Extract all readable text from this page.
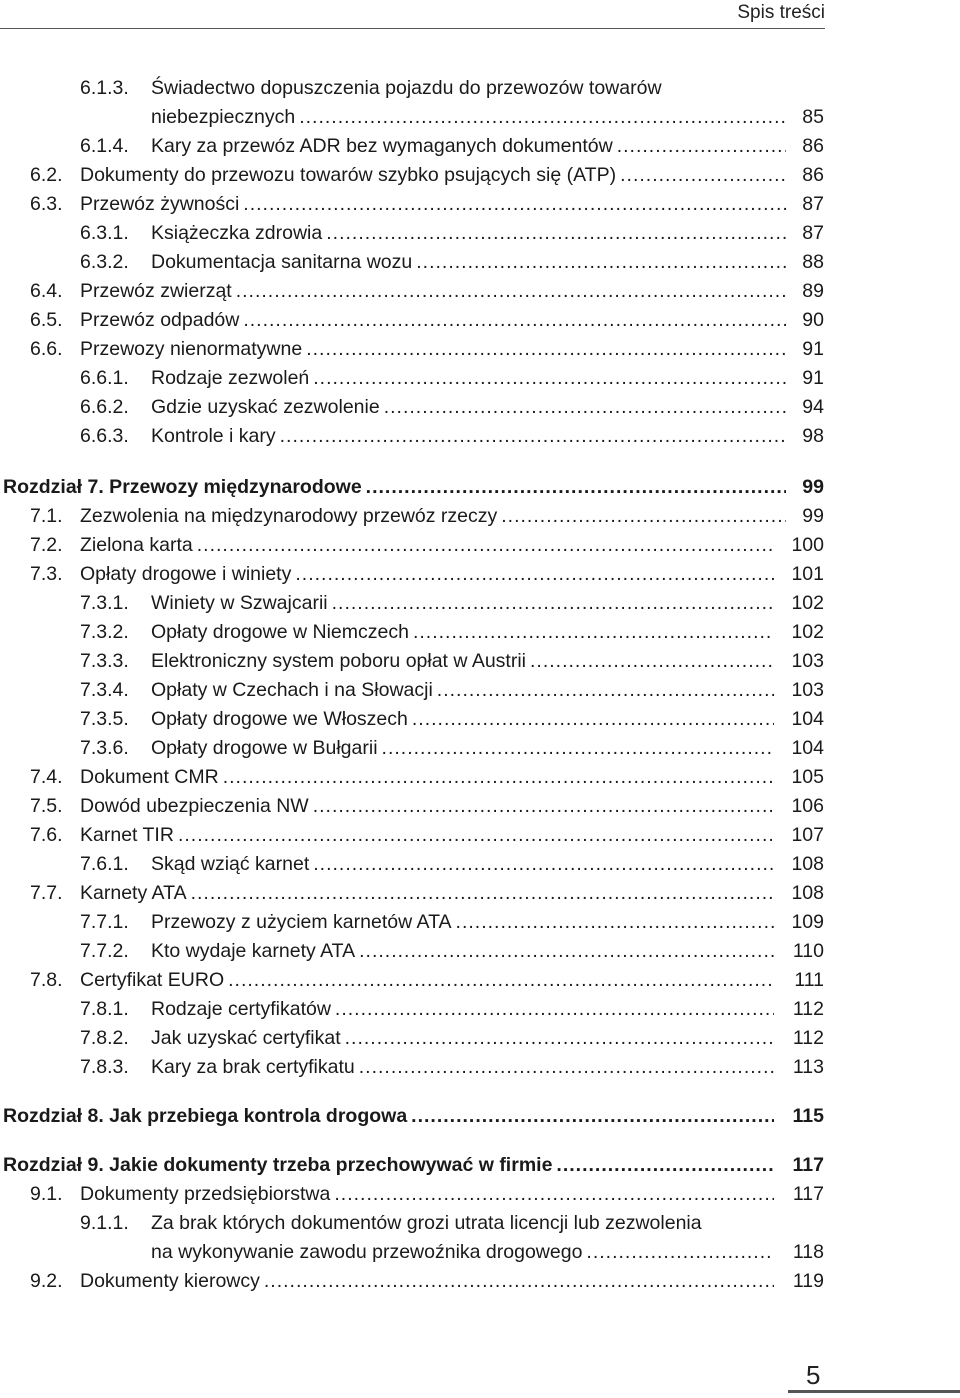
Spis treści
6.1.3. Świadectwo dopuszczenia pojazdu do przewozów towarów
niebezpiecznych .....	85
6.1.4. Kary za przewóz ADR bez wymaganych dokumentów .....	86
6.2. Dokumenty do przewozu towarów szybko psujących się (ATP) .....	86
6.3. Przewóz żywności .....	87
6.3.1. Książeczka zdrowia .....	87
6.3.2. Dokumentacja sanitarna wozu .....	88
6.4. Przewóz zwierząt .....	89
6.5. Przewóz odpadów .....	90
6.6. Przewozy nienormatywne .....	91
6.6.1. Rodzaje zezwoleń .....	91
6.6.2. Gdzie uzyskać zezwolenie .....	94
6.6.3. Kontrole i kary .....	98
Rozdział 7. Przewozy międzynarodowe .....	99
7.1. Zezwolenia na międzynarodowy przewóz rzeczy .....	99
7.2. Zielona karta .....	100
7.3. Opłaty drogowe i winiety .....	101
7.3.1. Winiety w Szwajcarii .....	102
7.3.2. Opłaty drogowe w Niemczech .....	102
7.3.3. Elektroniczny system poboru opłat w Austrii .....	103
7.3.4. Opłaty w Czechach i na Słowacji .....	103
7.3.5. Opłaty drogowe we Włoszech .....	104
7.3.6. Opłaty drogowe w Bułgarii .....	104
7.4. Dokument CMR .....	105
7.5. Dowód ubezpieczenia NW .....	106
7.6. Karnet TIR .....	107
7.6.1. Skąd wziąć karnet .....	108
7.7. Karnety ATA .....	108
7.7.1. Przewozy z użyciem karnetów ATA .....	109
7.7.2. Kto wydaje karnety ATA .....	110
7.8. Certyfikat EURO .....	111
7.8.1. Rodzaje certyfikatów .....	112
7.8.2. Jak uzyskać certyfikat .....	112
7.8.3. Kary za brak certyfikatu .....	113
Rozdział 8. Jak przebiega kontrola drogowa .....	115
Rozdział 9. Jakie dokumenty trzeba przechowywać w firmie .....	117
9.1. Dokumenty przedsiębiorstwa .....	117
9.1.1. Za brak których dokumentów grozi utrata licencji lub zezwolenia
na wykonywanie zawodu przewoźnika drogowego .....	118
9.2. Dokumenty kierowcy .....	119
5
